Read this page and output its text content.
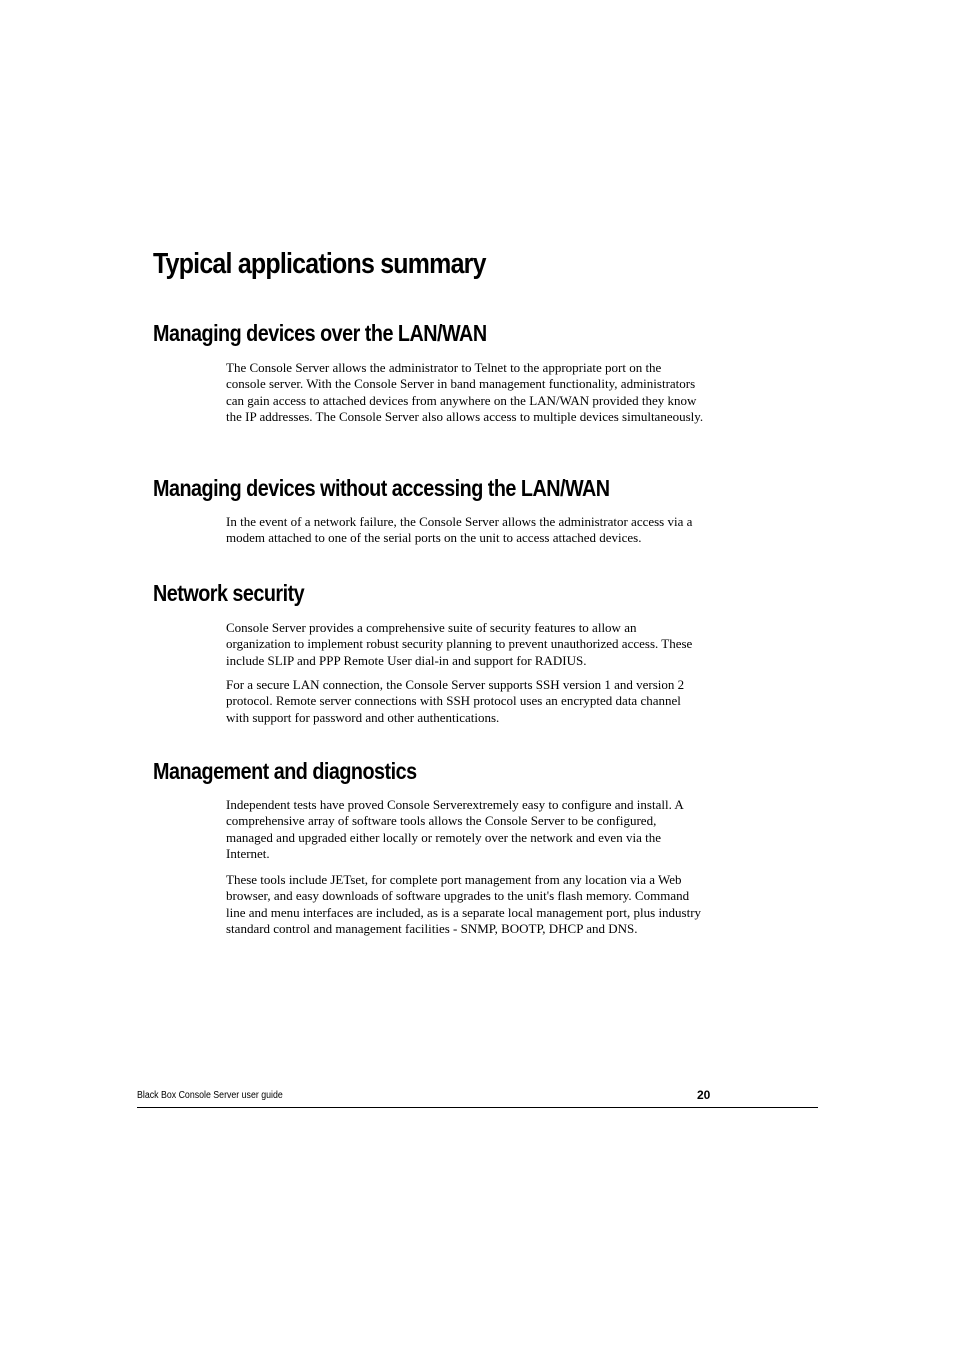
Typical applications summary
Managing devices over the LAN/WAN

The Console Server allows the administrator to Telnet to the appropriate port on the console server. With the Console Server in band management functionality, administrators can gain access to attached devices from anywhere on the LAN/WAN provided they know the IP addresses. The Console Server also allows access to multiple devices simultaneously.

Managing devices without accessing the LAN/WAN

In the event of a network failure, the Console Server allows the administrator access via a modem attached to one of the serial ports on the unit to access attached devices.

Network security

Console Server provides a comprehensive suite of security features to allow an organization to implement robust security planning to prevent unauthorized access. These include SLIP and PPP Remote User dial-in and support for RADIUS.

For a secure LAN connection, the Console Server supports SSH version 1 and version 2 protocol. Remote server connections with SSH protocol uses an encrypted data channel with support for password and other authentications.

Management and diagnostics

Independent tests have proved Console Serverextremely easy to configure and install. A comprehensive array of software tools allows the Console Server to be configured, managed and upgraded either locally or remotely over the network and even via the Internet.

These tools include JETset, for complete port management from any location via a Web browser, and easy downloads of software upgrades to the unit's flash memory. Command line and menu interfaces are included, as is a separate local management port, plus industry standard control and management facilities - SNMP, BOOTP, DHCP and DNS.

Black Box Console Server user guide	20
